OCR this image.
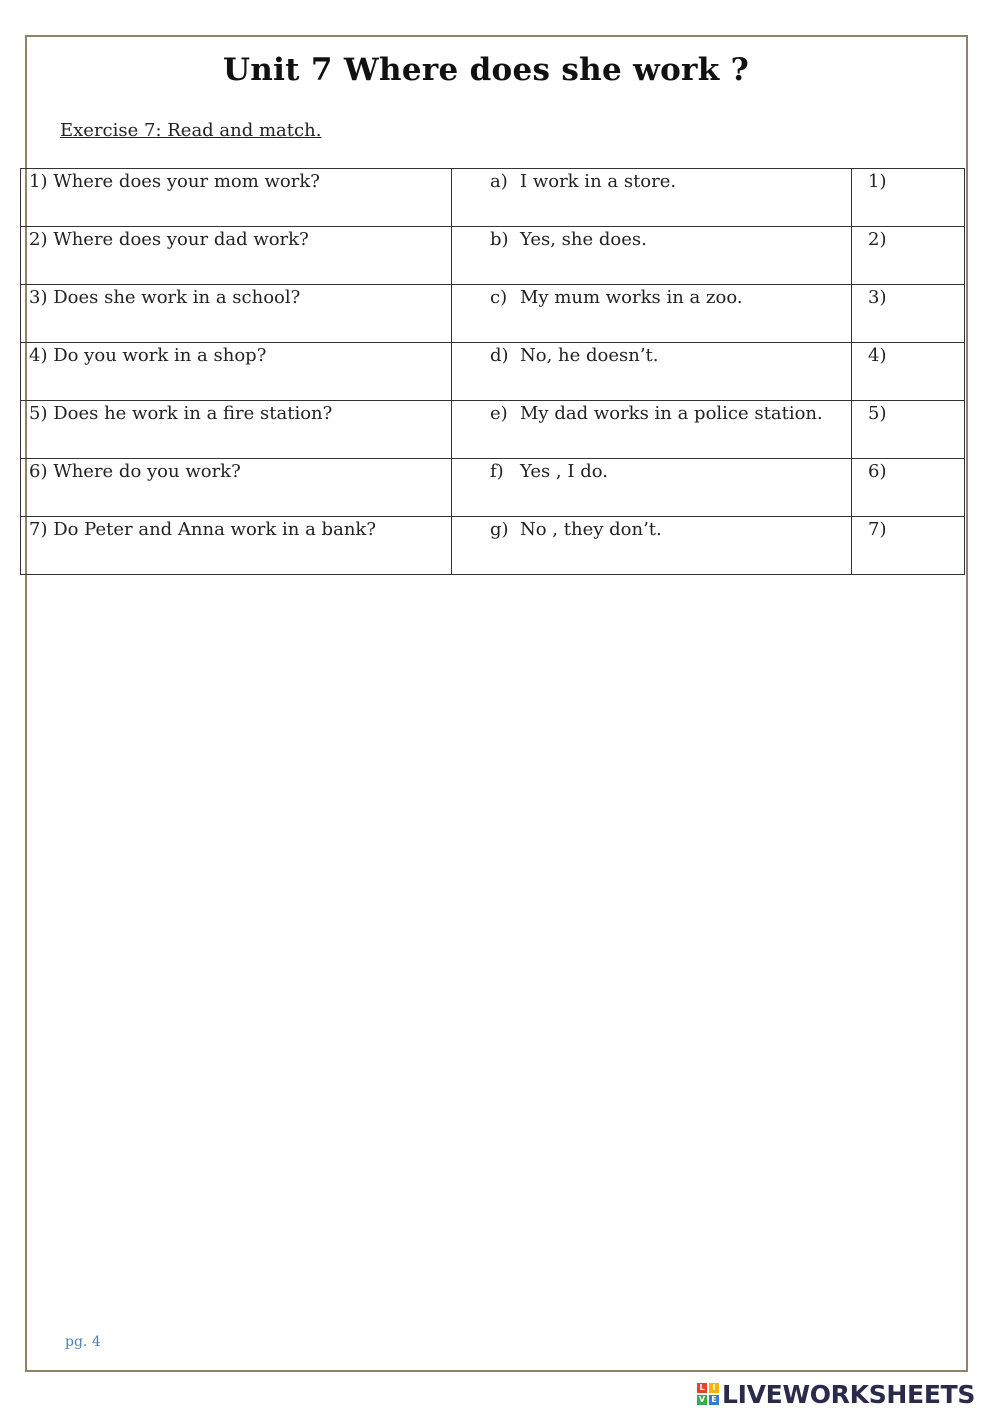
Unit 7 Where does she work ?
Exercise 7: Read and match.
1) Where does your mom work?	a) I work in a store.	1)
2) Where does your dad work?	b) Yes, she does.	2)
3) Does she work in a school?	c) My mum works in a zoo.	3)
4) Do you work in a shop?	d) No, he doesn’t.	4)
5) Does he work in a fire station?	e) My dad works in a police station.	5)
6) Where do you work?	f) Yes , I do.	6)
7) Do Peter and Anna work in a bank?	g) No , they don’t.	7)
pg. 4
L I
V E LIVEWORKSHEETS
